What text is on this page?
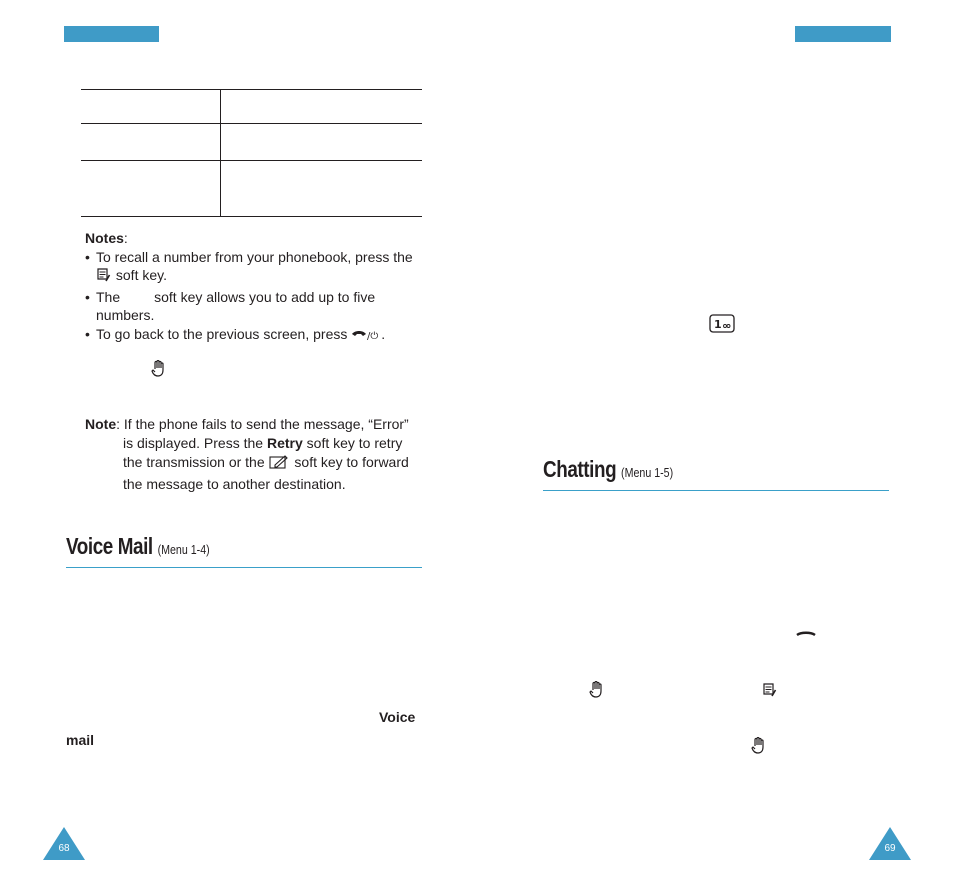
Notes:
• To recall a number from your phonebook, press the  soft key.
• The soft key allows you to add up to five numbers.
• To go back to the previous screen, press /⏻ .
Note: If the phone fails to send the message, “Error”
is displayed. Press the Retry soft key to retry
the transmission or the soft key to forward
the message to another destination.
Voice Mail (Menu 1-4)
Voice
mail
1
Chatting (Menu 1-5)
68	69
